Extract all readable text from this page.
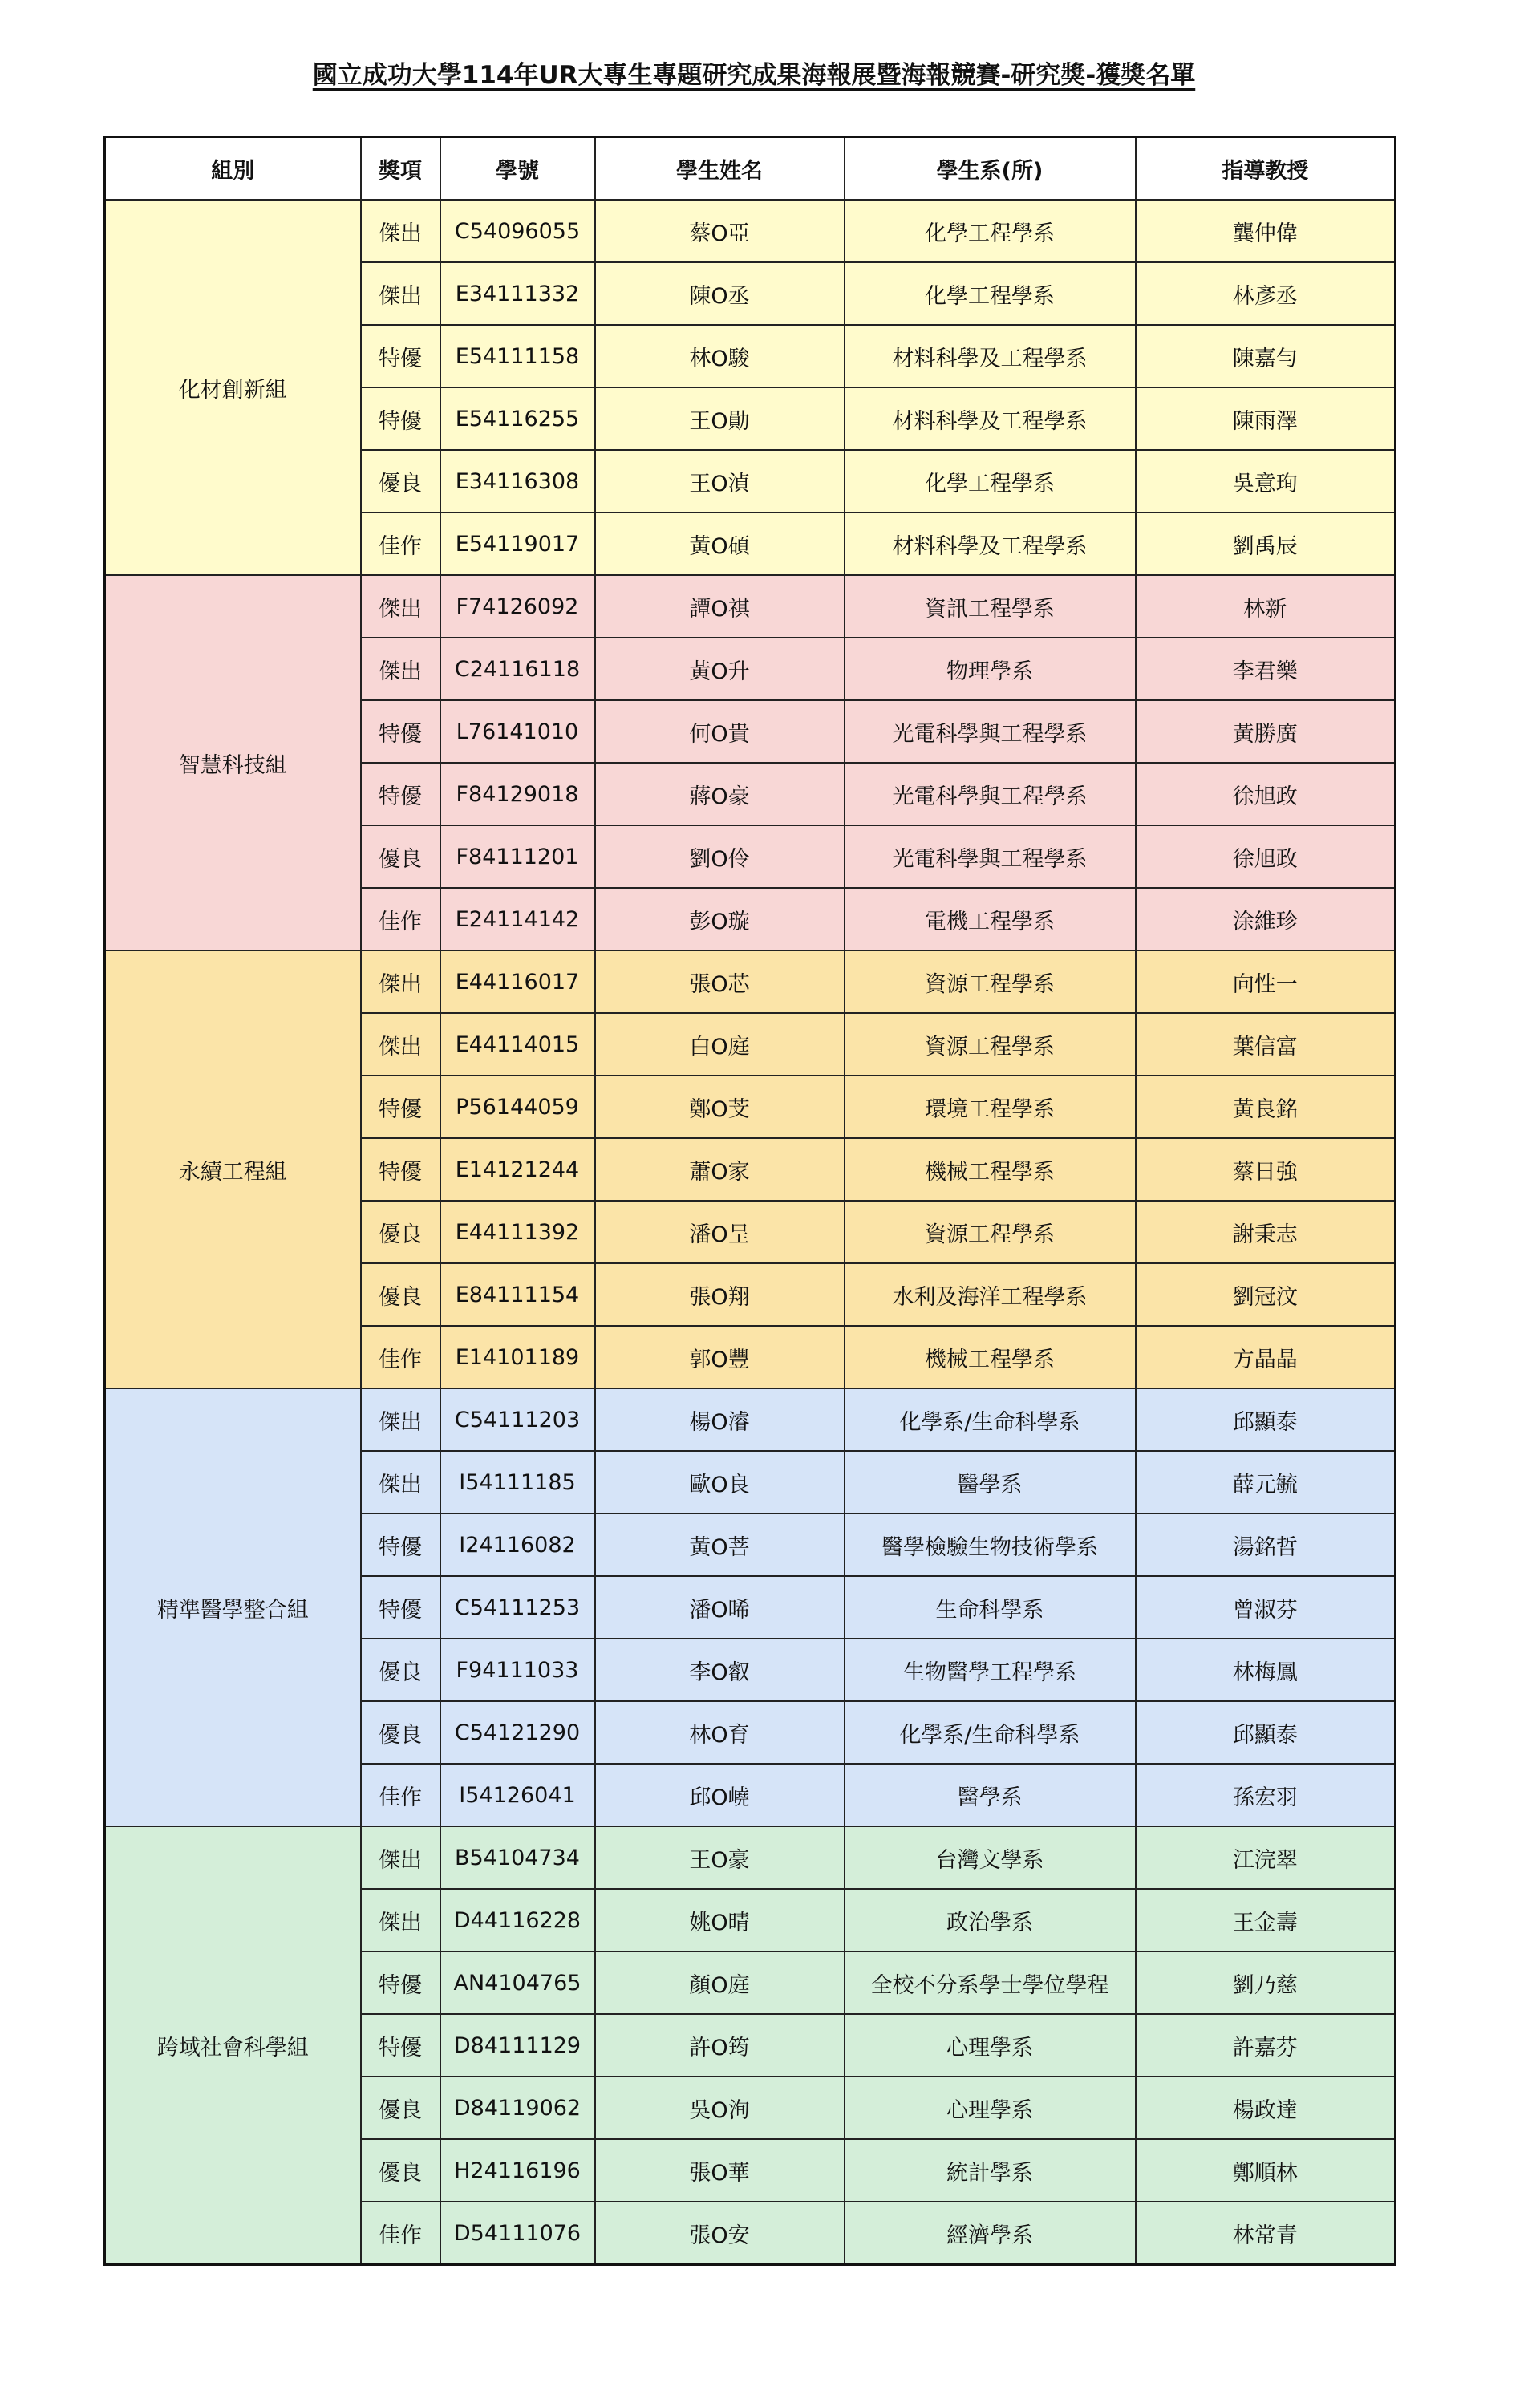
國立成功大學114年UR大專生專題研究成果海報展暨海報競賽-研究獎-獲獎名單
組別	獎項	學號	學生姓名	學生系(所)	指導教授
化材創新組	傑出	C54096055	蔡O亞	化學工程學系	龔仲偉
	傑出	E34111332	陳O丞	化學工程學系	林彥丞
	特優	E54111158	林O駿	材料科學及工程學系	陳嘉勻
	特優	E54116255	王O勛	材料科學及工程學系	陳雨澤
	優良	E34116308	王O湞	化學工程學系	吳意珣
	佳作	E54119017	黃O碩	材料科學及工程學系	劉禹辰
智慧科技組	傑出	F74126092	譚O祺	資訊工程學系	林新
	傑出	C24116118	黃O升	物理學系	李君樂
	特優	L76141010	何O貴	光電科學與工程學系	黃勝廣
	特優	F84129018	蔣O豪	光電科學與工程學系	徐旭政
	優良	F84111201	劉O伶	光電科學與工程學系	徐旭政
	佳作	E24114142	彭O璇	電機工程學系	涂維珍
永續工程組	傑出	E44116017	張O芯	資源工程學系	向性一
	傑出	E44114015	白O庭	資源工程學系	葉信富
	特優	P56144059	鄭O芠	環境工程學系	黃良銘
	特優	E14121244	蕭O家	機械工程學系	蔡日強
	優良	E44111392	潘O呈	資源工程學系	謝秉志
	優良	E84111154	張O翔	水利及海洋工程學系	劉冠汶
	佳作	E14101189	郭O豐	機械工程學系	方晶晶
精準醫學整合組	傑出	C54111203	楊O濬	化學系/生命科學系	邱顯泰
	傑出	I54111185	歐O良	醫學系	薛元毓
	特優	I24116082	黃O菩	醫學檢驗生物技術學系	湯銘哲
	特優	C54111253	潘O晞	生命科學系	曾淑芬
	優良	F94111033	李O叡	生物醫學工程學系	林梅鳳
	優良	C54121290	林O育	化學系/生命科學系	邱顯泰
	佳作	I54126041	邱O嶢	醫學系	孫宏羽
跨域社會科學組	傑出	B54104734	王O豪	台灣文學系	江浣翠
	傑出	D44116228	姚O晴	政治學系	王金壽
	特優	AN4104765	顏O庭	全校不分系學士學位學程	劉乃慈
	特優	D84111129	許O筠	心理學系	許嘉芬
	優良	D84119062	吳O洵	心理學系	楊政達
	優良	H24116196	張O華	統計學系	鄭順林
	佳作	D54111076	張O安	經濟學系	林常青
